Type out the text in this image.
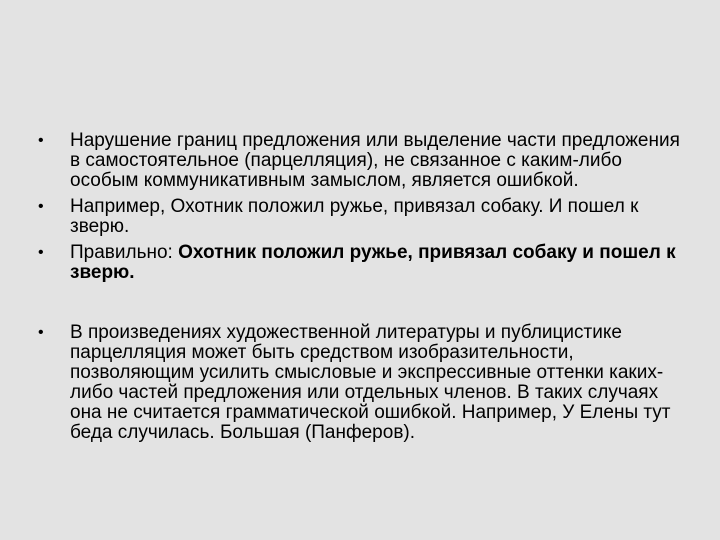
•	Нарушение границ предложения или выделение части предложения в самостоятельное (парцелляция), не связанное с каким-либо особым коммуникативным замыслом, является ошибкой.
•	Например, Охотник положил ружье, привязал собаку. И пошел к зверю.
•	Правильно: Охотник положил ружье, привязал собаку и пошел к зверю.
•	В произведениях художественной литературы и публицистике парцелляция может быть средством изобразительности, позволяющим усилить смысловые и экспрессивные оттенки каких-либо частей предложения или отдельных членов. В таких случаях она не считается грамматической ошибкой. Например, У Елены тут беда случилась. Большая (Панферов).
